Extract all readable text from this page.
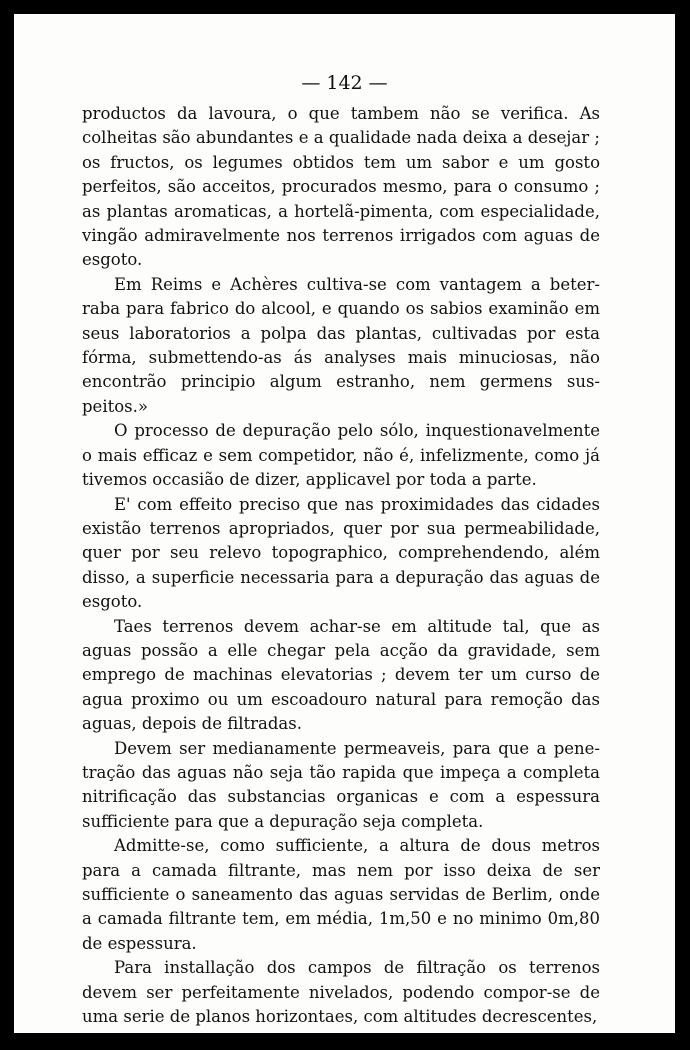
— 142 —

productos da lavoura, o que tambem não se verifica. As colheitas são abundantes e a qualidade nada deixa a desejar ; os fructos, os legumes obtidos tem um sabor e um gosto perfeitos, são acceitos, procurados mesmo, para o consumo ; as plantas aromaticas, a hortelã-pimenta, com especialidade, vingão admiravelmente nos terrenos irrigados com aguas de esgoto.

Em Reims e Achères cultiva-se com vantagem a beterraba para fabrico do alcool, e quando os sabios examinão em seus laboratorios a polpa das plantas, cultivadas por esta fórma, submettendo-as ás analyses mais minuciosas, não encontrão principio algum estranho, nem germens suspeitos.»

O processo de depuração pelo sólo, inquestionavelmente o mais efficaz e sem competidor, não é, infelizmente, como já tivemos occasião de dizer, applicavel por toda a parte.

E' com effeito preciso que nas proximidades das cidades existão terrenos apropriados, quer por sua permeabilidade, quer por seu relevo topographico, comprehendendo, além disso, a superficie necessaria para a depuração das aguas de esgoto.

Taes terrenos devem achar-se em altitude tal, que as aguas possão a elle chegar pela acção da gravidade, sem emprego de machinas elevatorias ; devem ter um curso de agua proximo ou um escoadouro natural para remoção das aguas, depois de filtradas.

Devem ser medianamente permeaveis, para que a penetração das aguas não seja tão rapida que impeça a completa nitrificação das substancias organicas e com a espessura sufficiente para que a depuração seja completa.

Admitte-se, como sufficiente, a altura de dous metros para a camada filtrante, mas nem por isso deixa de ser sufficiente o saneamento das aguas servidas de Berlim, onde a camada filtrante tem, em média, 1m,50 e no minimo 0m,80 de espessura.

Para installação dos campos de filtração os terrenos devem ser perfeitamente nivelados, podendo compor-se de uma serie de planos horizontaes, com altitudes decrescentes,
